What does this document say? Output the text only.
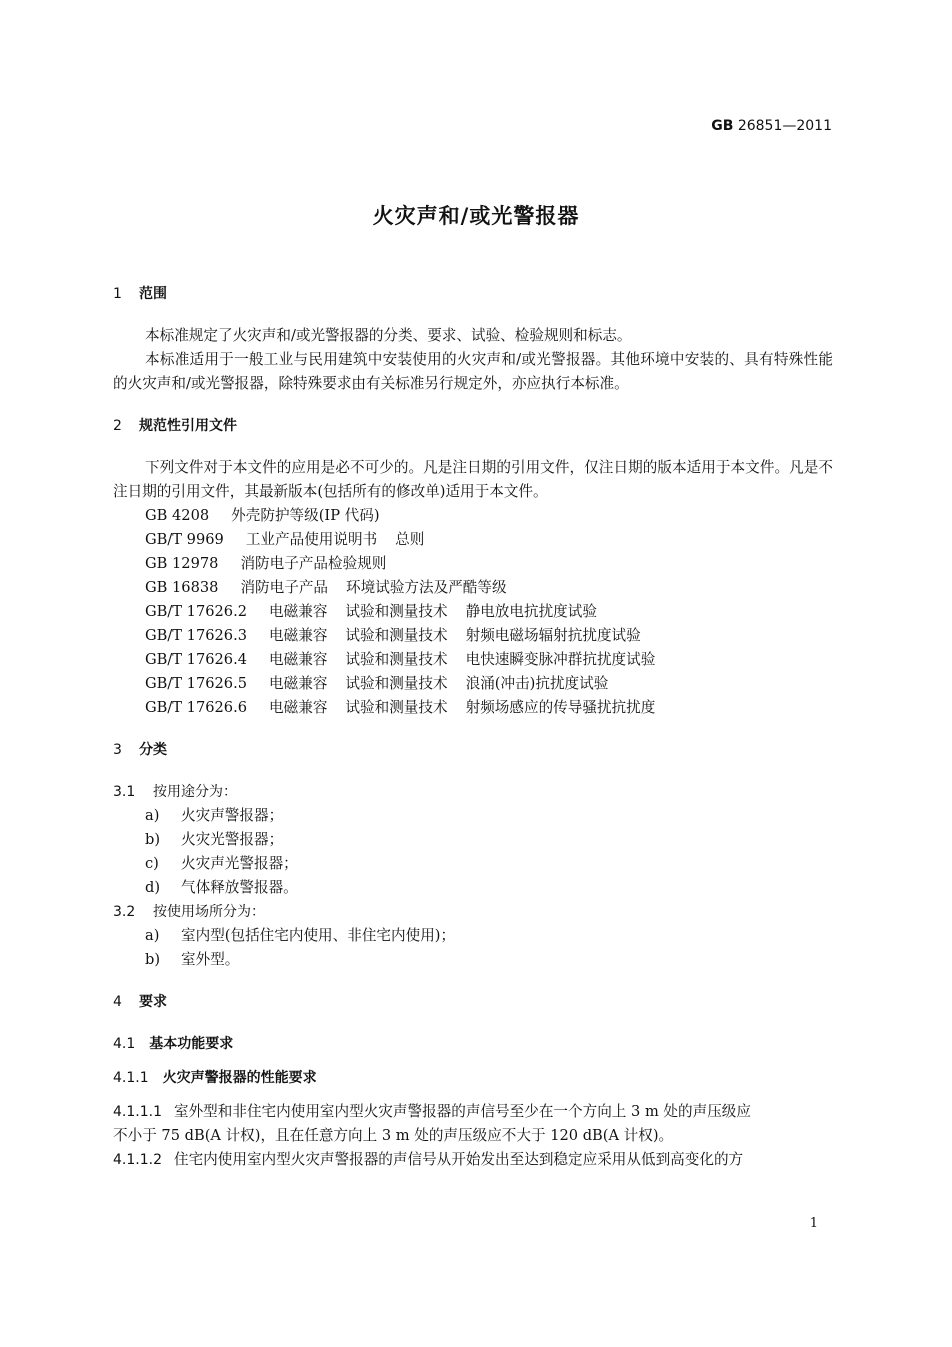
GB 26851—2011
火灾声和/或光警报器
1 范围
本标准规定了火灾声和/或光警报器的分类、要求、试验、检验规则和标志。
本标准适用于一般工业与民用建筑中安装使用的火灾声和/或光警报器。其他环境中安装的、具有特殊性能的火灾声和/或光警报器，除特殊要求由有关标准另行规定外，亦应执行本标准。
2 规范性引用文件
下列文件对于本文件的应用是必不可少的。凡是注日期的引用文件，仅注日期的版本适用于本文件。凡是不注日期的引用文件，其最新版本(包括所有的修改单)适用于本文件。
GB 4208 外壳防护等级(IP 代码)
GB/T 9969 工业产品使用说明书 总则
GB 12978 消防电子产品检验规则
GB 16838 消防电子产品 环境试验方法及严酷等级
GB/T 17626.2 电磁兼容 试验和测量技术 静电放电抗扰度试验
GB/T 17626.3 电磁兼容 试验和测量技术 射频电磁场辐射抗扰度试验
GB/T 17626.4 电磁兼容 试验和测量技术 电快速瞬变脉冲群抗扰度试验
GB/T 17626.5 电磁兼容 试验和测量技术 浪涌(冲击)抗扰度试验
GB/T 17626.6 电磁兼容 试验和测量技术 射频场感应的传导骚扰抗扰度
3 分类
3.1 按用途分为：
a) 火灾声警报器；
b) 火灾光警报器；
c) 火灾声光警报器；
d) 气体释放警报器。
3.2 按使用场所分为：
a) 室内型(包括住宅内使用、非住宅内使用)；
b) 室外型。
4 要求
4.1 基本功能要求
4.1.1 火灾声警报器的性能要求
4.1.1.1 室外型和非住宅内使用室内型火灾声警报器的声信号至少在一个方向上 3 m 处的声压级应
不小于 75 dB(A 计权)，且在任意方向上 3 m 处的声压级应不大于 120 dB(A 计权)。
4.1.1.2 住宅内使用室内型火灾声警报器的声信号从开始发出至达到稳定应采用从低到高变化的方
1
